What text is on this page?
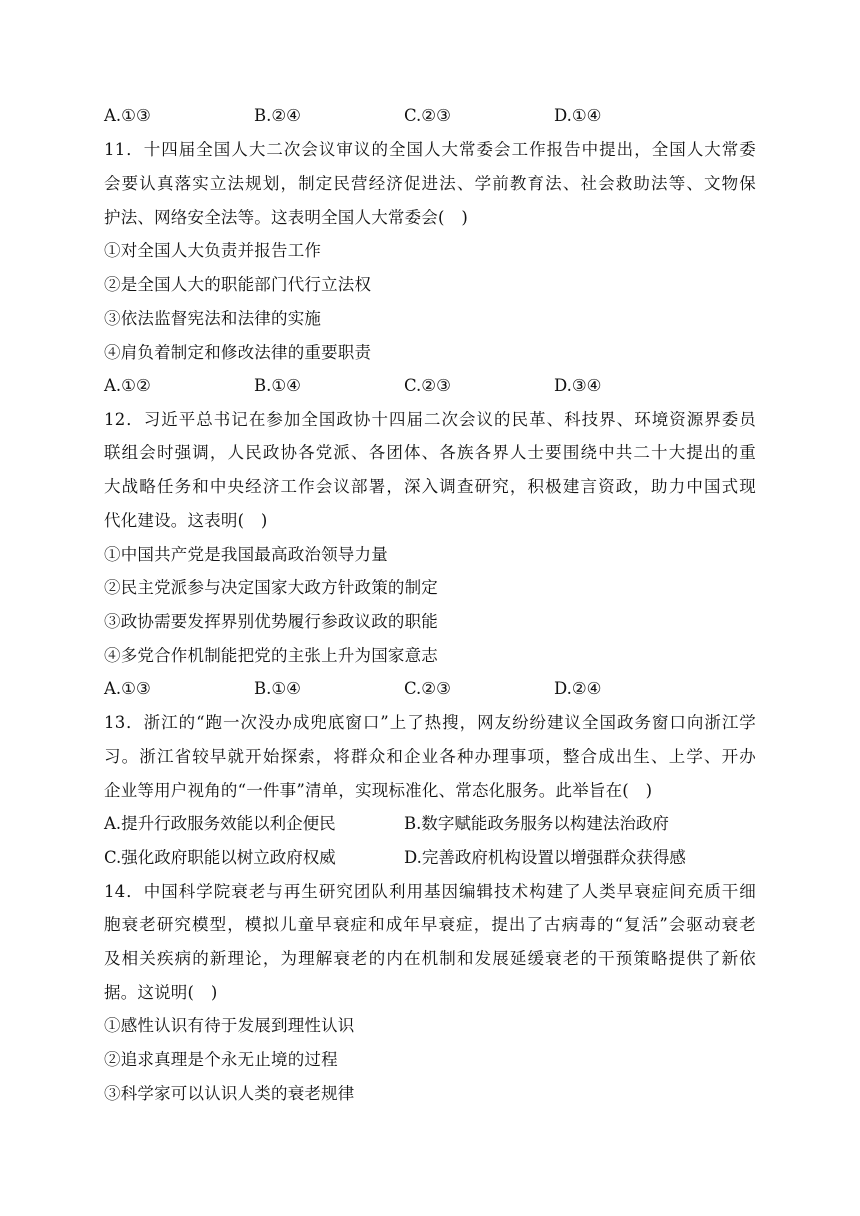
A.①③	B.②④	C.②③	D.①④
11．十四届全国人大二次会议审议的全国人大常委会工作报告中提出，全国人大常委
会要认真落实立法规划，制定民营经济促进法、学前教育法、社会救助法等、文物保
护法、网络安全法等。这表明全国人大常委会(　)
①对全国人大负责并报告工作
②是全国人大的职能部门代行立法权
③依法监督宪法和法律的实施
④肩负着制定和修改法律的重要职责
A.①②	B.①④	C.②③	D.③④
12．习近平总书记在参加全国政协十四届二次会议的民革、科技界、环境资源界委员
联组会时强调，人民政协各党派、各团体、各族各界人士要围绕中共二十大提出的重
大战略任务和中央经济工作会议部署，深入调查研究，积极建言资政，助力中国式现
代化建设。这表明(　)
①中国共产党是我国最高政治领导力量
②民主党派参与决定国家大政方针政策的制定
③政协需要发挥界别优势履行参政议政的职能
④多党合作机制能把党的主张上升为国家意志
A.①③	B.①④	C.②③	D.②④
13．浙江的“跑一次没办成兜底窗口”上了热搜，网友纷纷建议全国政务窗口向浙江学
习。浙江省较早就开始探索，将群众和企业各种办理事项，整合成出生、上学、开办
企业等用户视角的“一件事”清单，实现标准化、常态化服务。此举旨在(　)
A.提升行政服务效能以利企便民	B.数字赋能政务服务以构建法治政府
C.强化政府职能以树立政府权威	D.完善政府机构设置以增强群众获得感
14．中国科学院衰老与再生研究团队利用基因编辑技术构建了人类早衰症间充质干细
胞衰老研究模型，模拟儿童早衰症和成年早衰症，提出了古病毒的“复活”会驱动衰老
及相关疾病的新理论，为理解衰老的内在机制和发展延缓衰老的干预策略提供了新依
据。这说明(　)
①感性认识有待于发展到理性认识
②追求真理是个永无止境的过程
③科学家可以认识人类的衰老规律
